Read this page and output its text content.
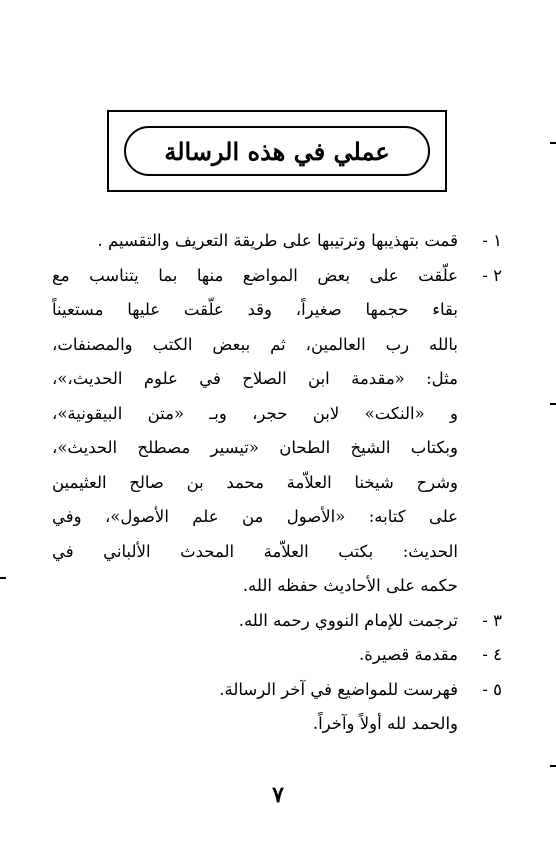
عملي في هذه الرسالة
١ -
قمت بتهذيبها وترتيبها على طريقة التعريف والتقسيم .
٢ -
علّقت على بعض المواضع منها بما يتناسب مع
بقاء حجمها صغيراً، وقد علّقت عليها مستعيناً
بالله رب العالمين، ثم ببعض الكتب والمصنفات،
مثل: «مقدمة ابن الصلاح في علوم الحديث،»،
و «النكت» لابن حجر، وبـ «متن البيقونية»،
وبكتاب الشيخ الطحان «تيسير مصطلح الحديث»،
وشرح شيخنا العلاّمة محمد بن صالح العثيمين
على كتابه: «الأصول من علم الأصول»، وفي
الحديث: بكتب العلاّمة المحدث الألباني في
حكمه على الأحاديث حفظه الله.
٣ -
ترجمت للإمام النووي رحمه الله.
٤ -
مقدمة قصيرة.
٥ -
فهرست للمواضيع في آخر الرسالة.
والحمد لله أولاً وآخراً.
٧
